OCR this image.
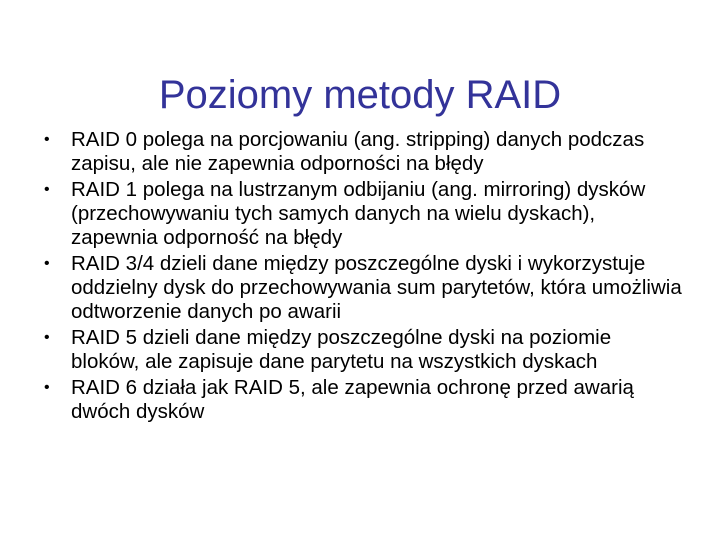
Poziomy metody RAID
•	RAID 0 polega na porcjowaniu (ang. stripping) danych podczas zapisu, ale nie zapewnia odporności na błędy
•	RAID 1 polega na lustrzanym odbijaniu (ang. mirroring) dysków (przechowywaniu tych samych danych na wielu dyskach), zapewnia odporność na błędy
•	RAID 3/4 dzieli dane między poszczególne dyski i wykorzystuje oddzielny dysk do przechowywania sum parytetów, która umożliwia odtworzenie danych po awarii
•	RAID 5 dzieli dane między poszczególne dyski na poziomie bloków, ale zapisuje dane parytetu na wszystkich dyskach
•	RAID 6 działa jak RAID 5, ale zapewnia ochronę przed awarią dwóch dysków
